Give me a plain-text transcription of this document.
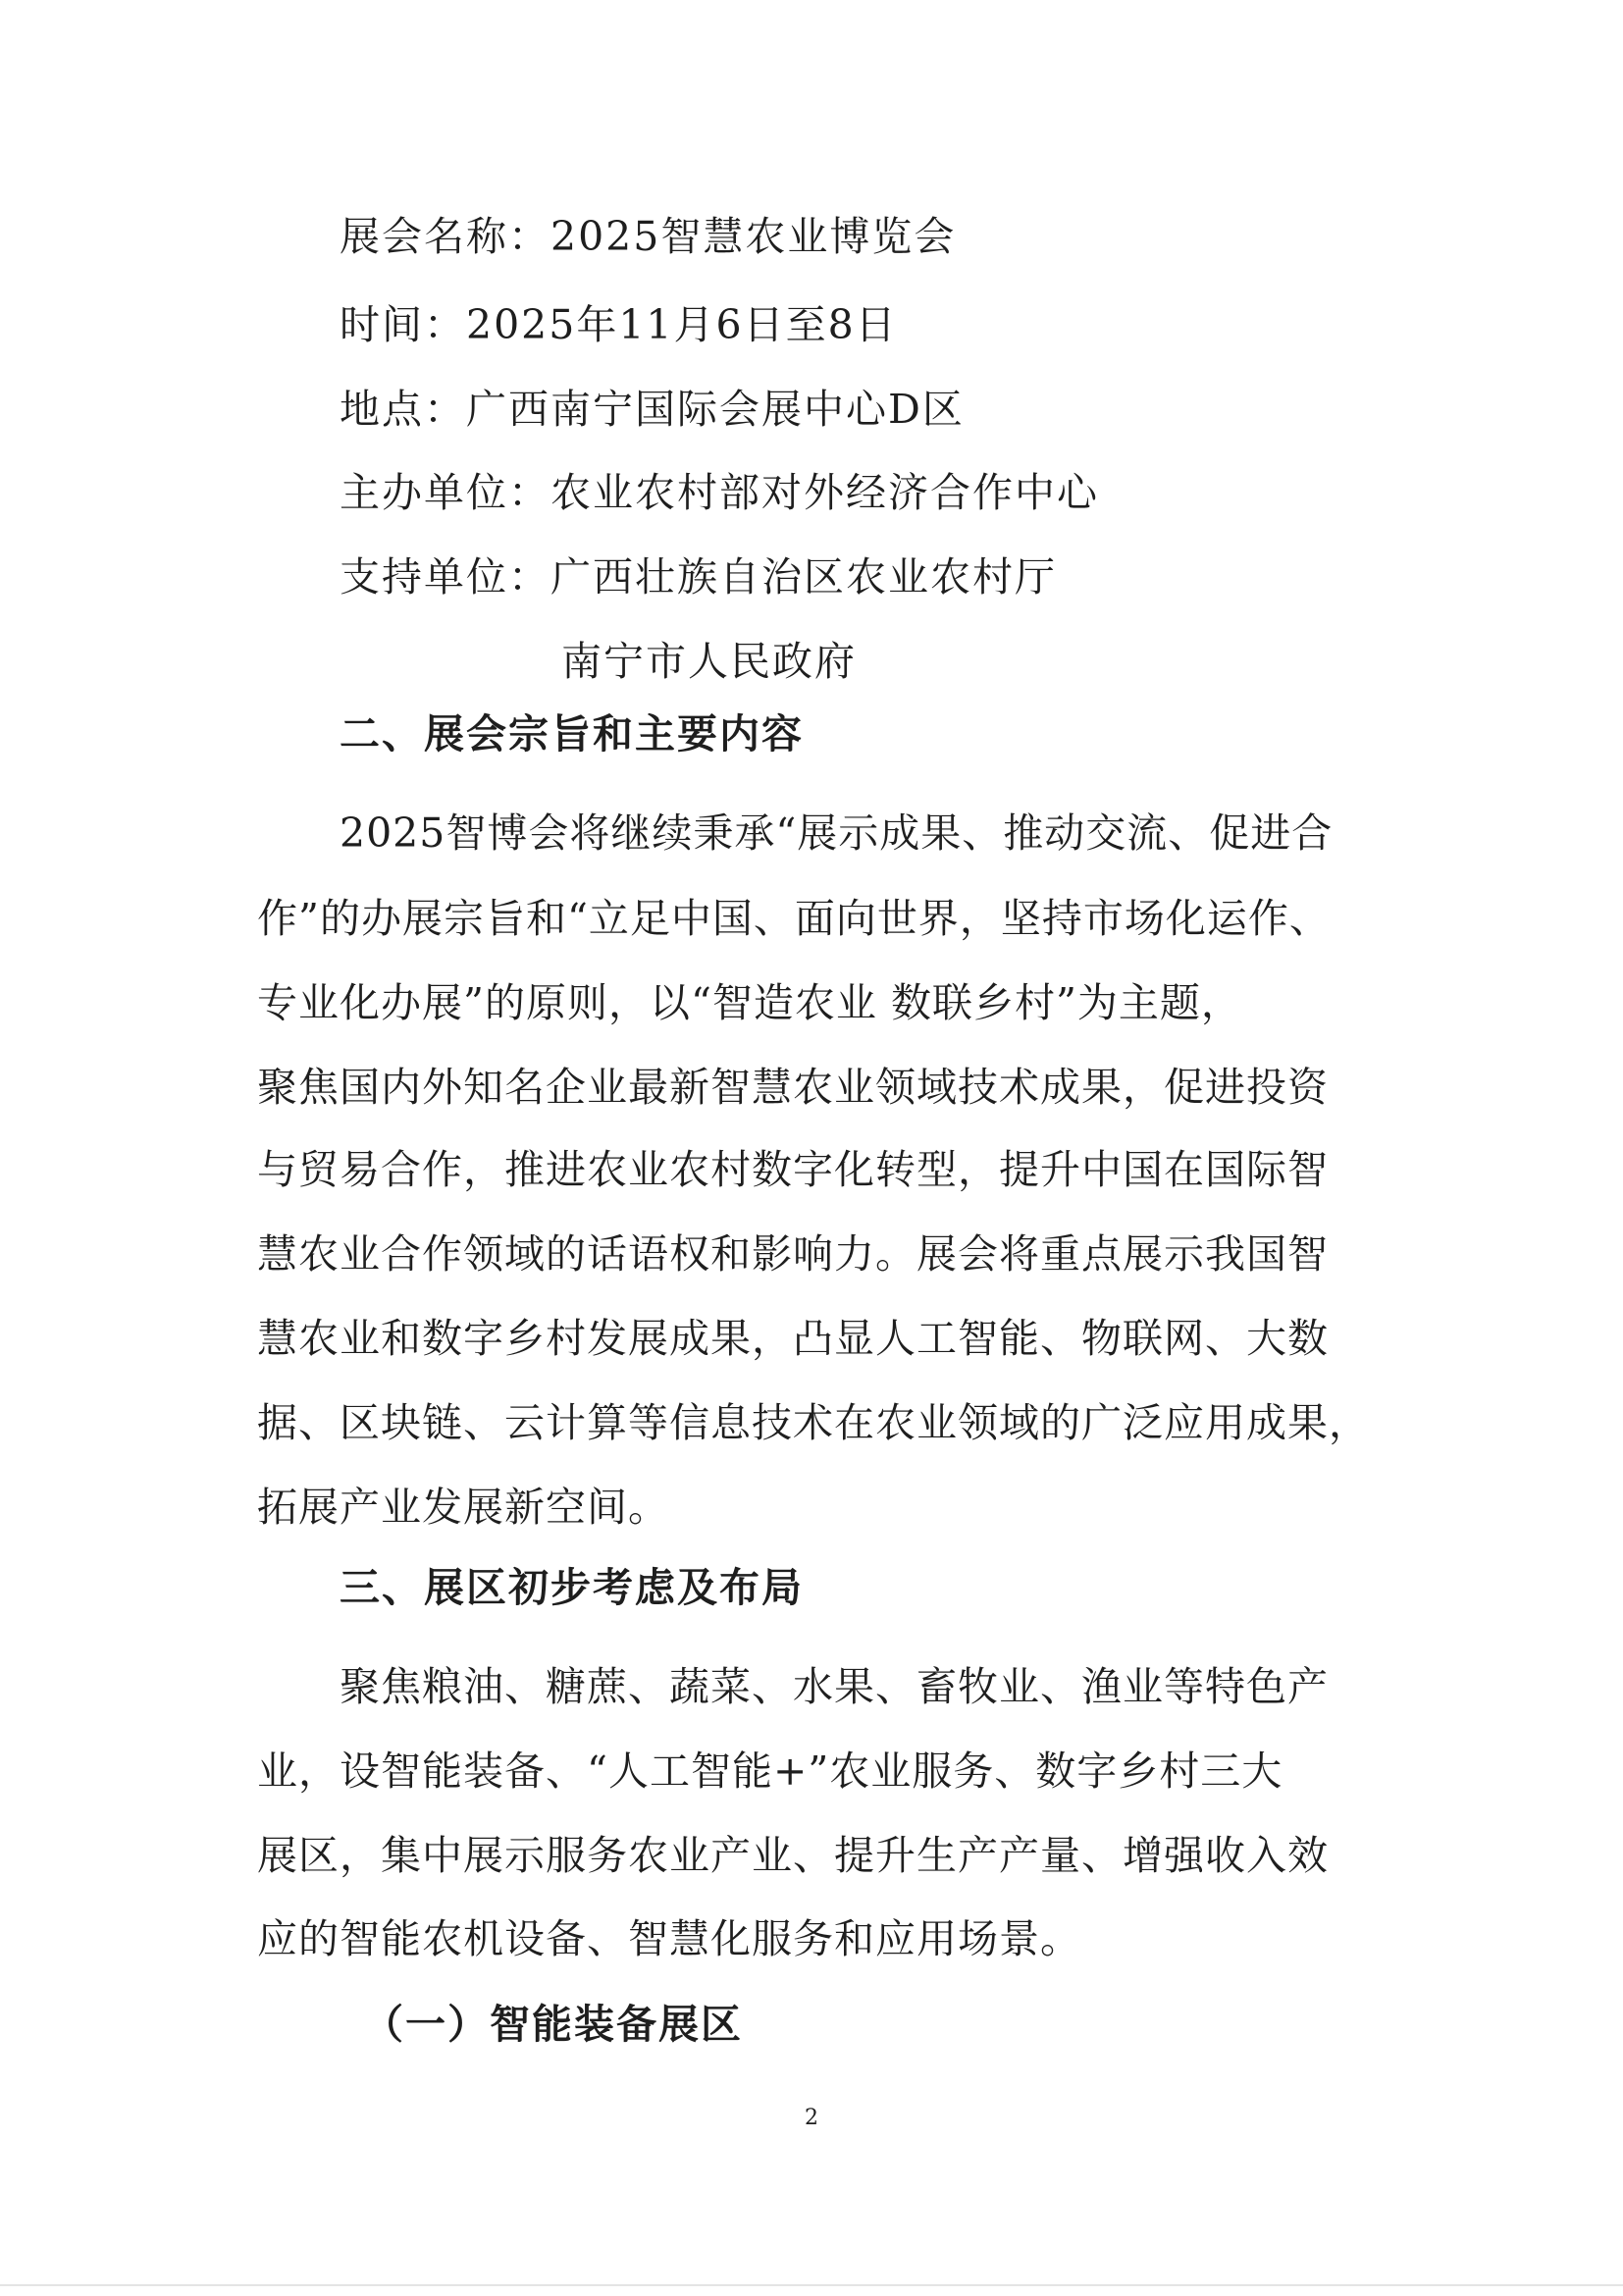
展会名称：2025智慧农业博览会
时间：2025年11月6日至8日
地点：广西南宁国际会展中心D区
主办单位：农业农村部对外经济合作中心
支持单位：广西壮族自治区农业农村厅
南宁市人民政府
二、展会宗旨和主要内容
2025智博会将继续秉承“展示成果、推动交流、促进合
作”的办展宗旨和“立足中国、面向世界，坚持市场化运作、
专业化办展”的原则，以“智造农业 数联乡村”为主题，
聚焦国内外知名企业最新智慧农业领域技术成果，促进投资
与贸易合作，推进农业农村数字化转型，提升中国在国际智
慧农业合作领域的话语权和影响力。展会将重点展示我国智
慧农业和数字乡村发展成果，凸显人工智能、物联网、大数
据、区块链、云计算等信息技术在农业领域的广泛应用成果，
拓展产业发展新空间。
三、展区初步考虑及布局
聚焦粮油、糖蔗、蔬菜、水果、畜牧业、渔业等特色产
业，设智能装备、“人工智能+”农业服务、数字乡村三大
展区，集中展示服务农业产业、提升生产产量、增强收入效
应的智能农机设备、智慧化服务和应用场景。
（一）智能装备展区
2
